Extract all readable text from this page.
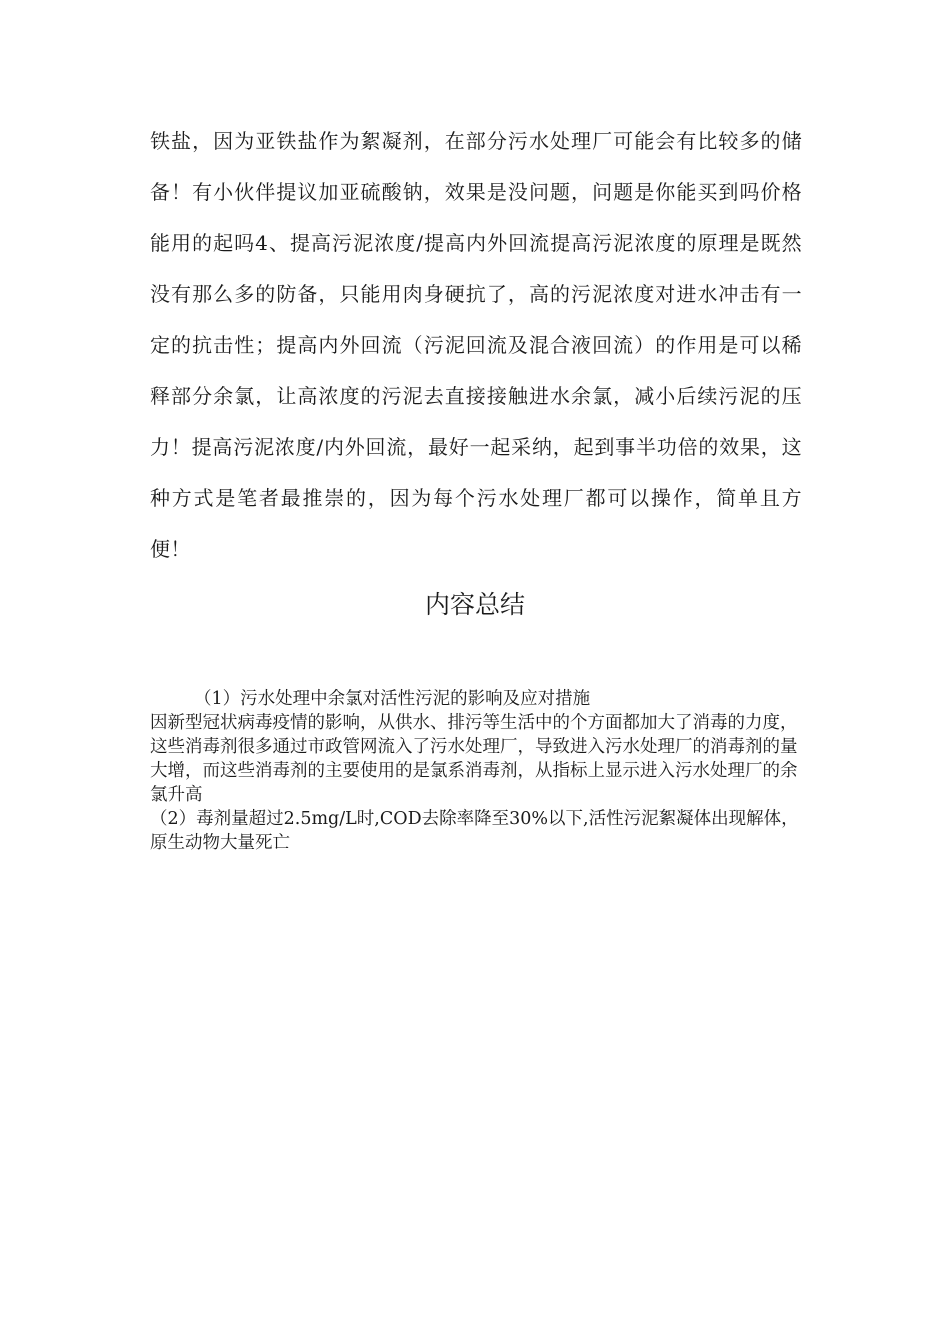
铁盐，因为亚铁盐作为絮凝剂，在部分污水处理厂可能会有比较多的储备！有小伙伴提议加亚硫酸钠，效果是没问题，问题是你能买到吗价格能用的起吗4、提高污泥浓度/提高内外回流提高污泥浓度的原理是既然没有那么多的防备，只能用肉身硬抗了，高的污泥浓度对进水冲击有一定的抗击性；提高内外回流（污泥回流及混合液回流）的作用是可以稀释部分余氯，让高浓度的污泥去直接接触进水余氯，减小后续污泥的压力！提高污泥浓度/内外回流，最好一起采纳，起到事半功倍的效果，这种方式是笔者最推崇的，因为每个污水处理厂都可以操作，简单且方便！

内容总结

（1）污水处理中余氯对活性污泥的影响及应对措施

因新型冠状病毒疫情的影响，从供水、排污等生活中的个方面都加大了消毒的力度，这些消毒剂很多通过市政管网流入了污水处理厂，导致进入污水处理厂的消毒剂的量大增，而这些消毒剂的主要使用的是氯系消毒剂，从指标上显示进入污水处理厂的余氯升高

（2）毒剂量超过2.5mg/L时,COD去除率降至30%以下,活性污泥絮凝体出现解体，原生动物大量死亡
